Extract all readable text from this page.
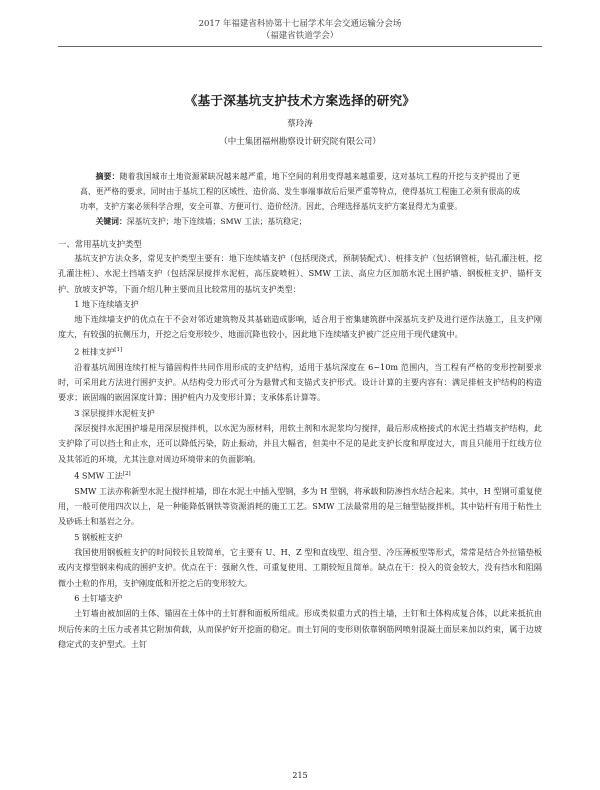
2017 年福建省科协第十七届学术年会交通运输分会场
（福建省铁道学会）
《基于深基坑支护技术方案选择的研究》
蔡玲涛
（中土集团福州勘察设计研究院有限公司）

摘要：随着我国城市土地资源紧缺况越来越严重，地下空间的利用变得越来越重要，这对基坑工程的开挖与支护提出了更高、更严格的要求，同时由于基坑工程的区域性、造价高、发生事端事故后后果严重等特点，使得基坑工程施工必须有很高的成功率，支护方案必须科学合理，安全可靠、方便可行、造价经济。因此，合理选择基坑支护方案显得尤为重要。

关键词：深基坑支护；地下连续墙；SMW 工法；基坑稳定；

一、常用基坑支护类型

基坑支护方法众多，常见支护类型主要有：地下连续墙支护（包括现浇式，预制装配式）、桩排支护（包括钢管桩，钻孔灌注桩，挖孔灌注桩）、水泥土挡墙支护（包括深层搅拌水泥桩，高压旋喷桩）、SMW 工法、高应力区加筋水泥土围护墙、钢板桩支护、锚杆支护、放坡支护等，下面介绍几种主要而且比较常用的基坑支护类型：

1 地下连续墙支护

地下连续墙支护的优点在于不会对邻近建筑物及其基础造成影响，适合用于密集建筑群中深基坑支护及进行逆作法施工，且支护刚度大，有较强的抗侧压力，开挖之后变形较少、地面沉降也较小，因此地下连续墙支护被广泛应用于现代建筑中。

2 桩排支护[1]

沿着基坑周围连续打桩与锚固构件共同作用形成的支护结构，适用于基坑深度在 6~10m 范围内，当工程有严格的变形控制要求时，可采用此方法进行围护支护。从结构受力形式可分为悬臂式和支锚式支护形式。设计计算的主要内容有：满足排桩支护结构的构造要求；嵌固端的嵌固深度计算；围护桩内力及变形计算；支承体系计算等。

3 深层搅拌水泥桩支护

深层搅拌水泥围护墙是用深层搅拌机，以水泥为原材料，用软土剂和水泥浆均匀搅拌，最后形成格接式的水泥土挡墙支护结构，此支护除了可以挡土和止水，还可以降低污染，防止振动，并且大幅省，但美中不足的是此支护长度和厚度过大，而且只能用于红线方位及其邻近的环境，尤其注意对周边环境带来的负面影响。

4 SMW 工法[2]

SMW 工法亦称新型水泥土搅拌桩墙，即在水泥土中插入型钢，多为 H 型钢，将承载和防渗挡水结合起来。其中，H 型钢可重复使用，一般可使用四次以上，是一种能降低钢铁等资源消耗的施工工艺。SMW 工法最常用的是三轴型钻搅拌机，其中钻杆有用于粘性土及砂砾土和基岩之分。

5 钢板桩支护

我国使用钢板桩支护的时间较长且较简单，它主要有 U、H、Z 型和直线型、组合型、冷压薄板型等形式，常常是结合外拉锚垫板或内支撑型钢来构成的围护支护。优点在于：强耐久性、可重复使用、工期较短且简单。缺点在于：投入的资金较大，没有挡水和阻隔微小土粒的作用，支护刚度低和开挖之后的变形较大。

6 土钉墙支护

土钉墙由被加固的土体、锚固在土体中的土钉群和面板所组成。形成类似重力式的挡土墙，土钉和土体构成复合体，以此来抵抗由坝后传来的土压力或者其它附加荷载，从而保护好开挖面的稳定。而土钉间的变形则依靠钢筋网喷射混凝土面层来加以约束，属于边坡稳定式的支护型式。土钉

215
